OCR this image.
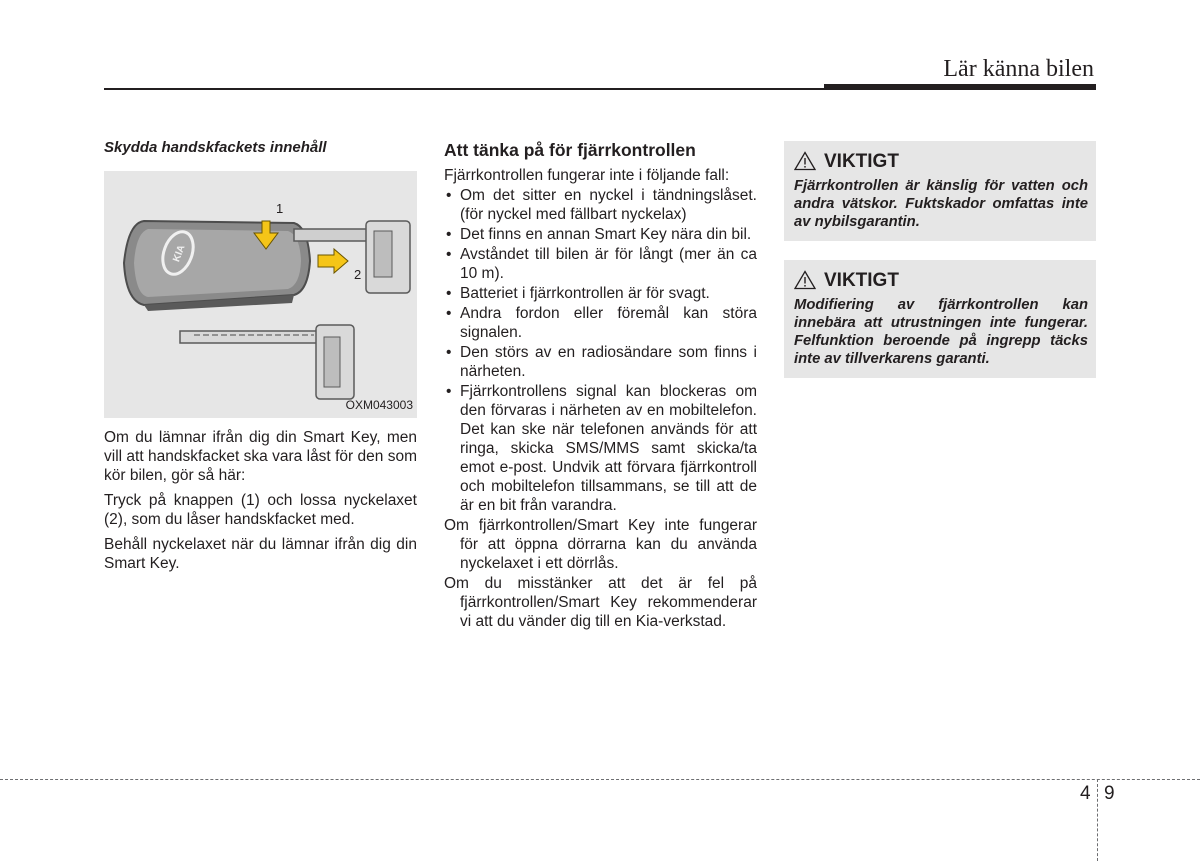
Lär känna bilen
Skydda handskfackets innehåll
KIA
1
2
OXM043003

Om du lämnar ifrån dig din Smart Key, men vill att handskfacket ska vara låst för den som kör bilen, gör så här:

Tryck på knappen (1) och lossa nyckelaxet (2), som du låser handskfacket med.

Behåll nyckelaxet när du lämnar ifrån dig din Smart Key.

Att tänka på för fjärrkontrollen

Fjärrkontrollen fungerar inte i följande fall:

• Om det sitter en nyckel i tändningslåset. (för nyckel med fällbart nyckelax)
• Det finns en annan Smart Key nära din bil.
• Avståndet till bilen är för långt (mer än ca 10 m).
• Batteriet i fjärrkontrollen är för svagt.
• Andra fordon eller föremål kan störa signalen.
• Den störs av en radiosändare som finns i närheten.
• Fjärrkontrollens signal kan blockeras om den förvaras i närheten av en mobiltelefon. Det kan ske när telefonen används för att ringa, skicka SMS/MMS samt skicka/ta emot e-post. Undvik att förvara fjärrkontroll och mobiltelefon tillsammans, se till att de är en bit från varandra.

Om fjärrkontrollen/Smart Key inte fungerar för att öppna dörrarna kan du använda nyckelaxet i ett dörrlås.

Om du misstänker att det är fel på fjärrkontrollen/Smart Key rekommenderar vi att du vänder dig till en Kia-verkstad.

VIKTIGT
Fjärrkontrollen är känslig för vatten och andra vätskor. Fuktskador omfattas inte av nybilsgarantin.
VIKTIGT
Modifiering av fjärrkontrollen kan innebära att utrustningen inte fungerar. Felfunktion beroende på ingrepp täcks inte av tillverkarens garanti.
4 9
